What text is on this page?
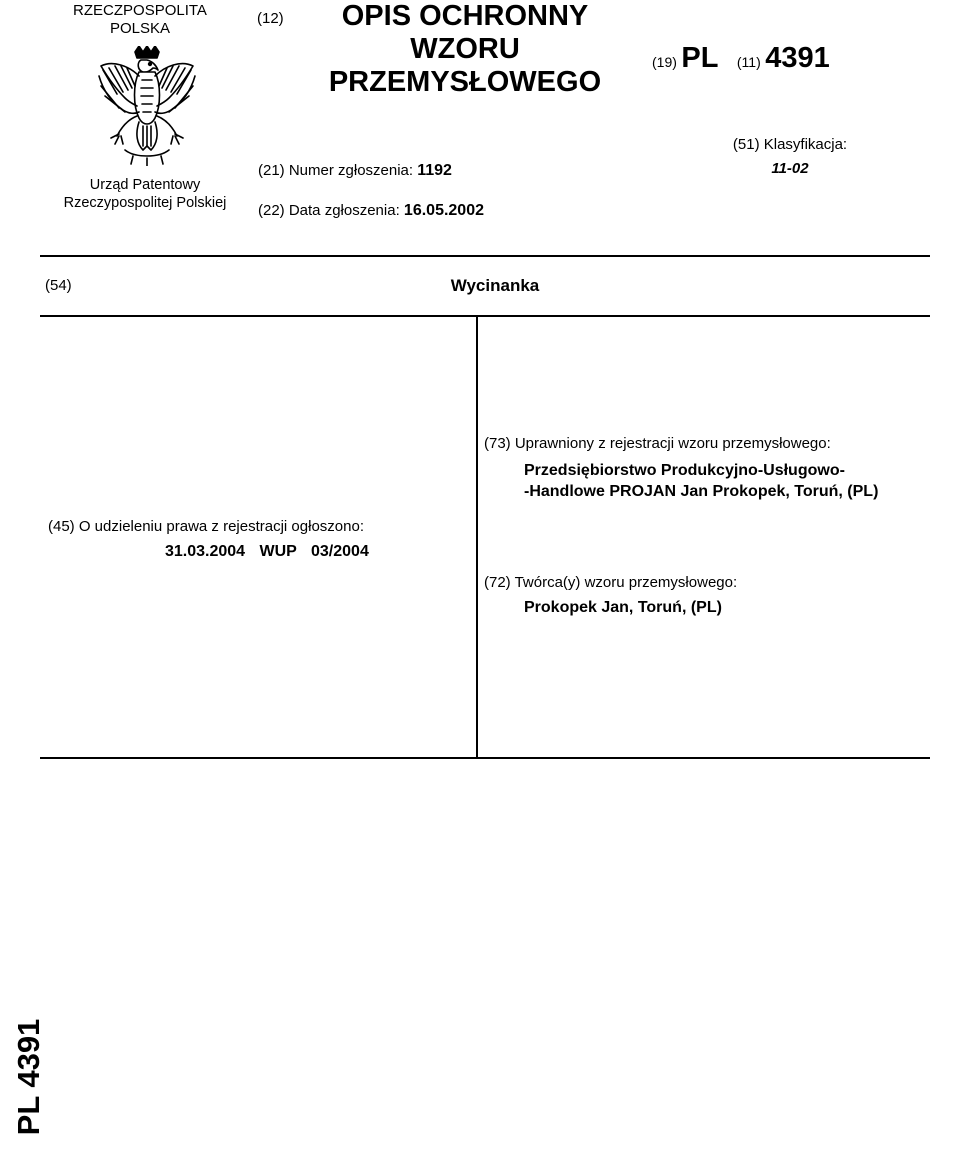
RZECZPOSPOLITA
POLSKA
Urząd Patentowy
Rzeczypospolitej Polskiej
(12)	OPIS OCHRONNY
WZORU
PRZEMYSŁOWEGO
(19) PL (11) 4391
(21) Numer zgłoszenia: 1192
(22) Data zgłoszenia: 16.05.2002
(51) Klasyfikacja:
11-02
(54)	Wycinanka
(73) Uprawniony z rejestracji wzoru przemysłowego:
Przedsiębiorstwo Produkcyjno-Usługowo-
-Handlowe PROJAN Jan Prokopek, Toruń, (PL)
(45) O udzieleniu prawa z rejestracji ogłoszono:
31.03.2004 WUP 03/2004
(72) Twórca(y) wzoru przemysłowego:
Prokopek Jan, Toruń, (PL)
PL 4391
